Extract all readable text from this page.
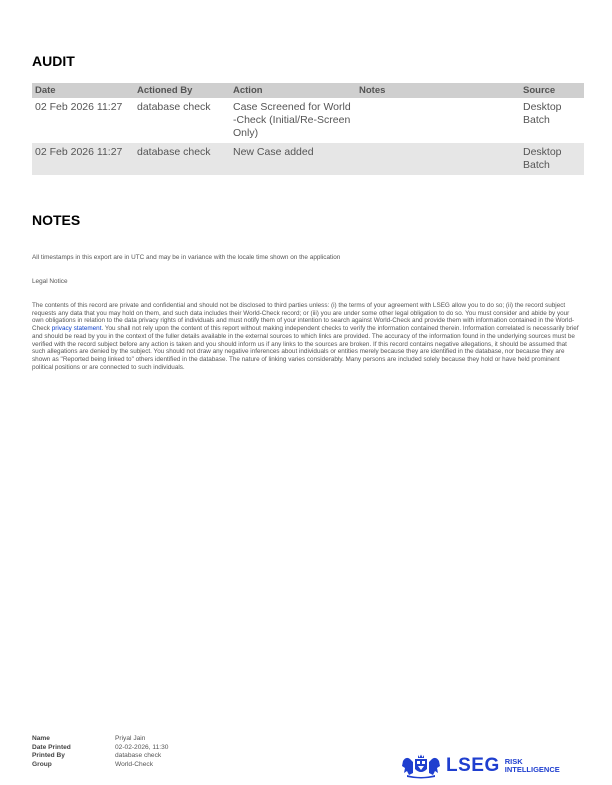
AUDIT
Date	Actioned By	Action	Notes	Source
02 Feb 2026 11:27	database check	Case Screened for World-Check (Initial/Re-Screen Only)		Desktop Batch
02 Feb 2026 11:27	database check	New Case added		Desktop Batch
NOTES
All timestamps in this export are in UTC and may be in variance with the locale time shown on the application
Legal Notice
The contents of this record are private and confidential and should not be disclosed to third parties unless: (i) the terms of your agreement with LSEG allow you to do so; (ii) the record subject requests any data that you may hold on them, and such data includes their World-Check record; or (iii) you are under some other legal obligation to do so. You must consider and abide by your own obligations in relation to the data privacy rights of individuals and must notify them of your intention to search against World-Check and provide them with information contained in the World-Check privacy statement. You shall not rely upon the content of this report without making independent checks to verify the information contained therein. Information correlated is necessarily brief and should be read by you in the context of the fuller details available in the external sources to which links are provided. The accuracy of the information found in the underlying sources must be verified with the record subject before any action is taken and you should inform us if any links to the sources are broken. If this record contains negative allegations, it should be assumed that such allegations are denied by the subject. You should not draw any negative inferences about individuals or entities merely because they are identified in the database, nor because they are shown as "Reported being linked to" others identified in the database. The nature of linking varies considerably. Many persons are included solely because they hold or have held prominent political positions or are connected to such individuals.
Name	Priyal Jain
Date Printed	02-02-2026, 11:30
Printed By	database check
Group	World-Check	LSEG RISK
INTELLIGENCE
